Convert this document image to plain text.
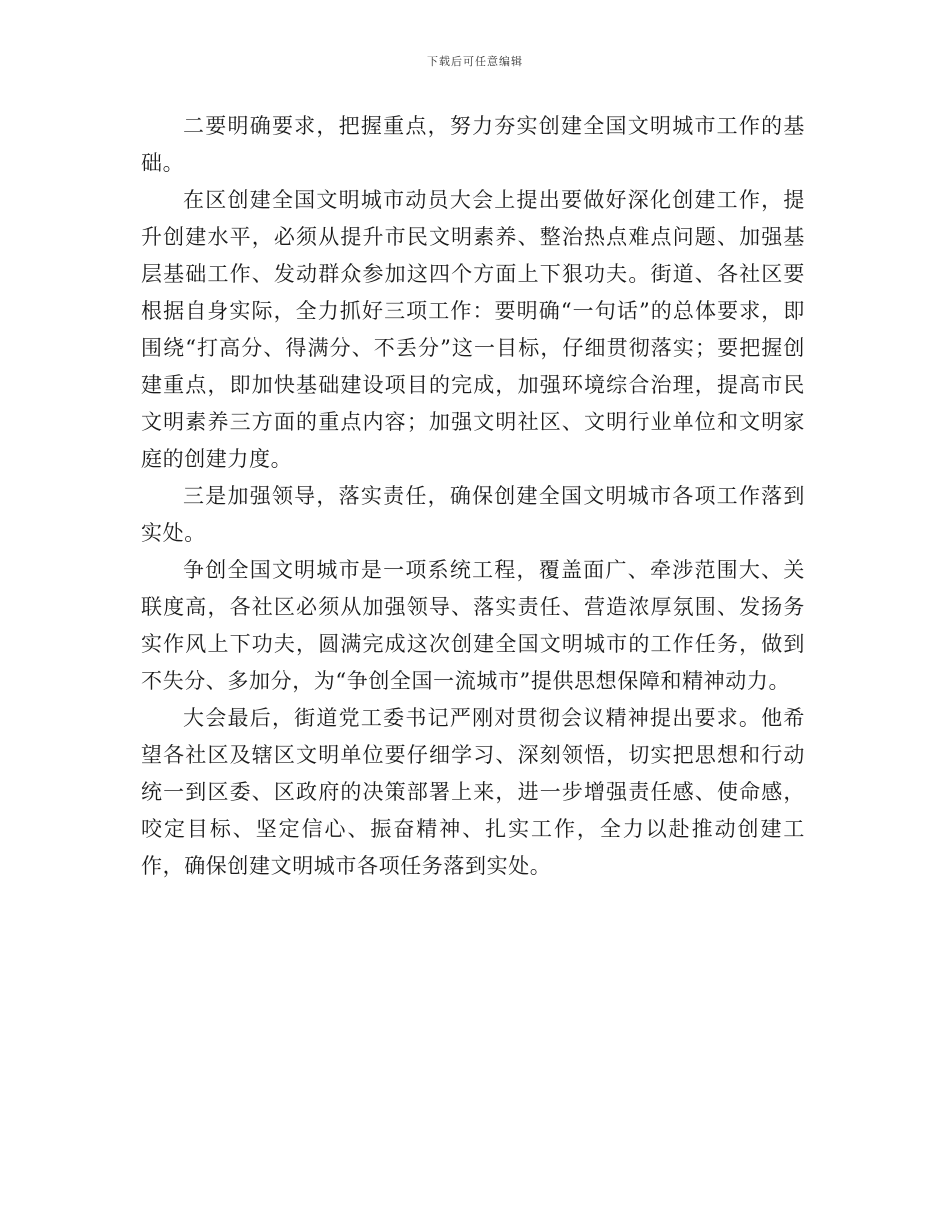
下载后可任意编辑

二要明确要求，把握重点，努力夯实创建全国文明城市工作的基础。

在区创建全国文明城市动员大会上提出要做好深化创建工作，提升创建水平，必须从提升市民文明素养、整治热点难点问题、加强基层基础工作、发动群众参加这四个方面上下狠功夫。街道、各社区要根据自身实际，全力抓好三项工作：要明确“一句话”的总体要求，即围绕“打高分、得满分、不丢分”这一目标，仔细贯彻落实；要把握创建重点，即加快基础建设项目的完成，加强环境综合治理，提高市民文明素养三方面的重点内容；加强文明社区、文明行业单位和文明家庭的创建力度。

三是加强领导，落实责任，确保创建全国文明城市各项工作落到实处。

争创全国文明城市是一项系统工程，覆盖面广、牵涉范围大、关联度高，各社区必须从加强领导、落实责任、营造浓厚氛围、发扬务实作风上下功夫，圆满完成这次创建全国文明城市的工作任务，做到不失分、多加分，为“争创全国一流城市”提供思想保障和精神动力。

大会最后，街道党工委书记严刚对贯彻会议精神提出要求。他希望各社区及辖区文明单位要仔细学习、深刻领悟，切实把思想和行动统一到区委、区政府的决策部署上来，进一步增强责任感、使命感，咬定目标、坚定信心、振奋精神、扎实工作，全力以赴推动创建工作，确保创建文明城市各项任务落到实处。
